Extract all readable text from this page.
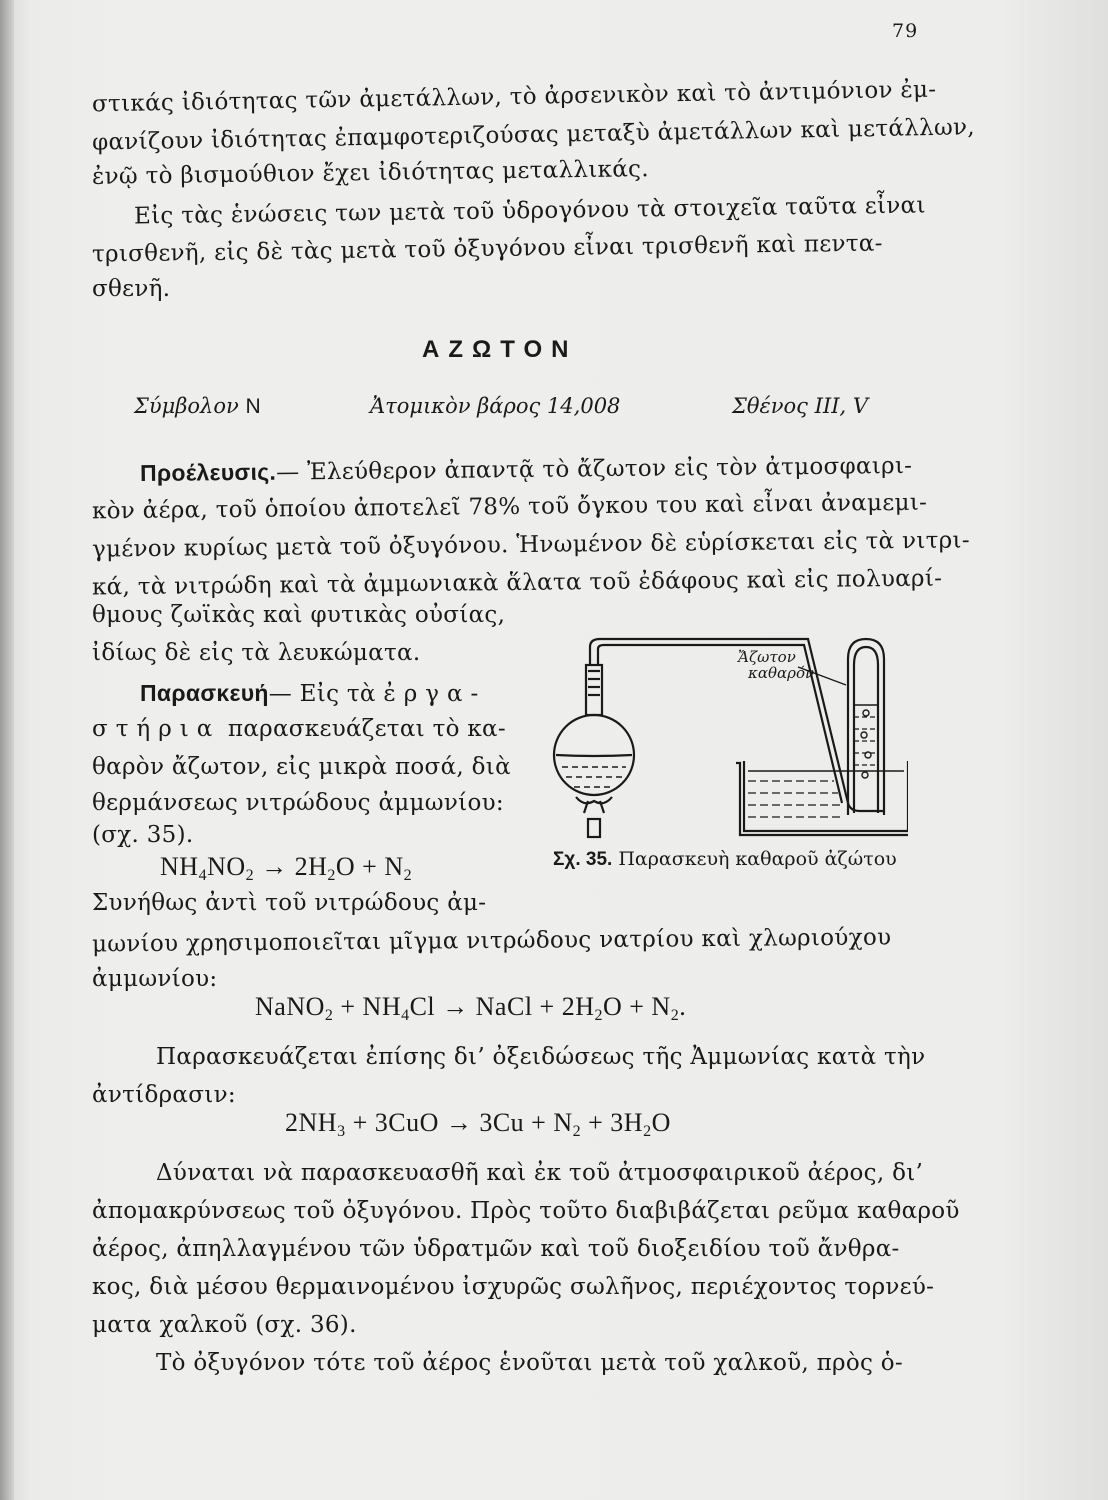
79
στικάς ἰδιότητας τῶν ἀμετάλλων, τὸ ἀρσενικὸν καὶ τὸ ἀντιμόνιον ἐμ-
φανίζουν ἰδιότητας ἐπαμφοτεριζούσας μεταξὺ ἀμετάλλων καὶ μετάλλων,
ἐνῷ τὸ βισμούθιον ἔχει ἰδιότητας μεταλλικάς.
Εἰς τὰς ἑνώσεις των μετὰ τοῦ ὑδρογόνου τὰ στοιχεῖα ταῦτα εἶναι
τρισθενῆ, εἰς δὲ τὰς μετὰ τοῦ ὀξυγόνου εἶναι τρισθενῆ καὶ πεντα-
σθενῆ.
ΑΖΩΤΟΝ
Σύμβολον N	Ἀτομικὸν βάρος 14,008	Σθένος III, V
Προέλευσις.— Ἐλεύθερον ἀπαντᾷ τὸ ἄζωτον εἰς τὸν ἀτμοσφαιρι-
κὸν ἀέρα, τοῦ ὁποίου ἀποτελεῖ 78% τοῦ ὄγκου του καὶ εἶναι ἀναμεμι-
γμένον κυρίως μετὰ τοῦ ὀξυγόνου. Ἡνωμένον δὲ εὑρίσκεται εἰς τὰ νιτρι-
κά, τὰ νιτρώδη καὶ τὰ ἀμμωνιακὰ ἅλατα τοῦ ἐδάφους καὶ εἰς πολυαρί-
θμους ζωϊκὰς καὶ φυτικὰς οὐσίας,
ἰδίως δὲ εἰς τὰ λευκώματα.
Παρασκευή— Εἰς τὰ ἐργα-
στήρια παρασκευάζεται τὸ κα-
θαρὸν ἄζωτον, εἰς μικρὰ ποσά, διὰ
θερμάνσεως νιτρώδους ἀμμωνίου:
(σχ. 35).
$NH_4NO_2 \to 2H_2O + N_2$
Ἄζωτον
καθαρόν
Σχ. 35. Παρασκευὴ καθαροῦ ἀζώτου
Συνήθως ἀντὶ τοῦ νιτρώδους ἀμ-
μωνίου χρησιμοποιεῖται μῖγμα νιτρώδους νατρίου καὶ χλωριούχου
ἀμμωνίου:
NaNO$_2$ + $NH_4Cl$ → NaCl + $2H_2O + N_2$.
Παρασκευάζεται ἐπίσης δι’ ὀξειδώσεως τῆς Ἀμμωνίας κατὰ τὴν
ἀντίδρασιν:
$2NH_3 + 3CuO \to 3Cu + N_2 + 3H_2O$
Δύναται νὰ παρασκευασθῆ καὶ ἐκ τοῦ ἀτμοσφαιρικοῦ ἀέρος, δι’
ἀπομακρύνσεως τοῦ ὀξυγόνου. Πρὸς τοῦτο διαβιβάζεται ρεῦμα καθαροῦ
ἀέρος, ἀπηλλαγμένου τῶν ὑδρατμῶν καὶ τοῦ διοξειδίου τοῦ ἄνθρα-
κος, διὰ μέσου θερμαινομένου ἰσχυρῶς σωλῆνος, περιέχοντος τορνεύ-
ματα χαλκοῦ (σχ. 36).
Τὸ ὀξυγόνον τότε τοῦ ἀέρος ἑνοῦται μετὰ τοῦ χαλκοῦ, πρὸς ὁ-
